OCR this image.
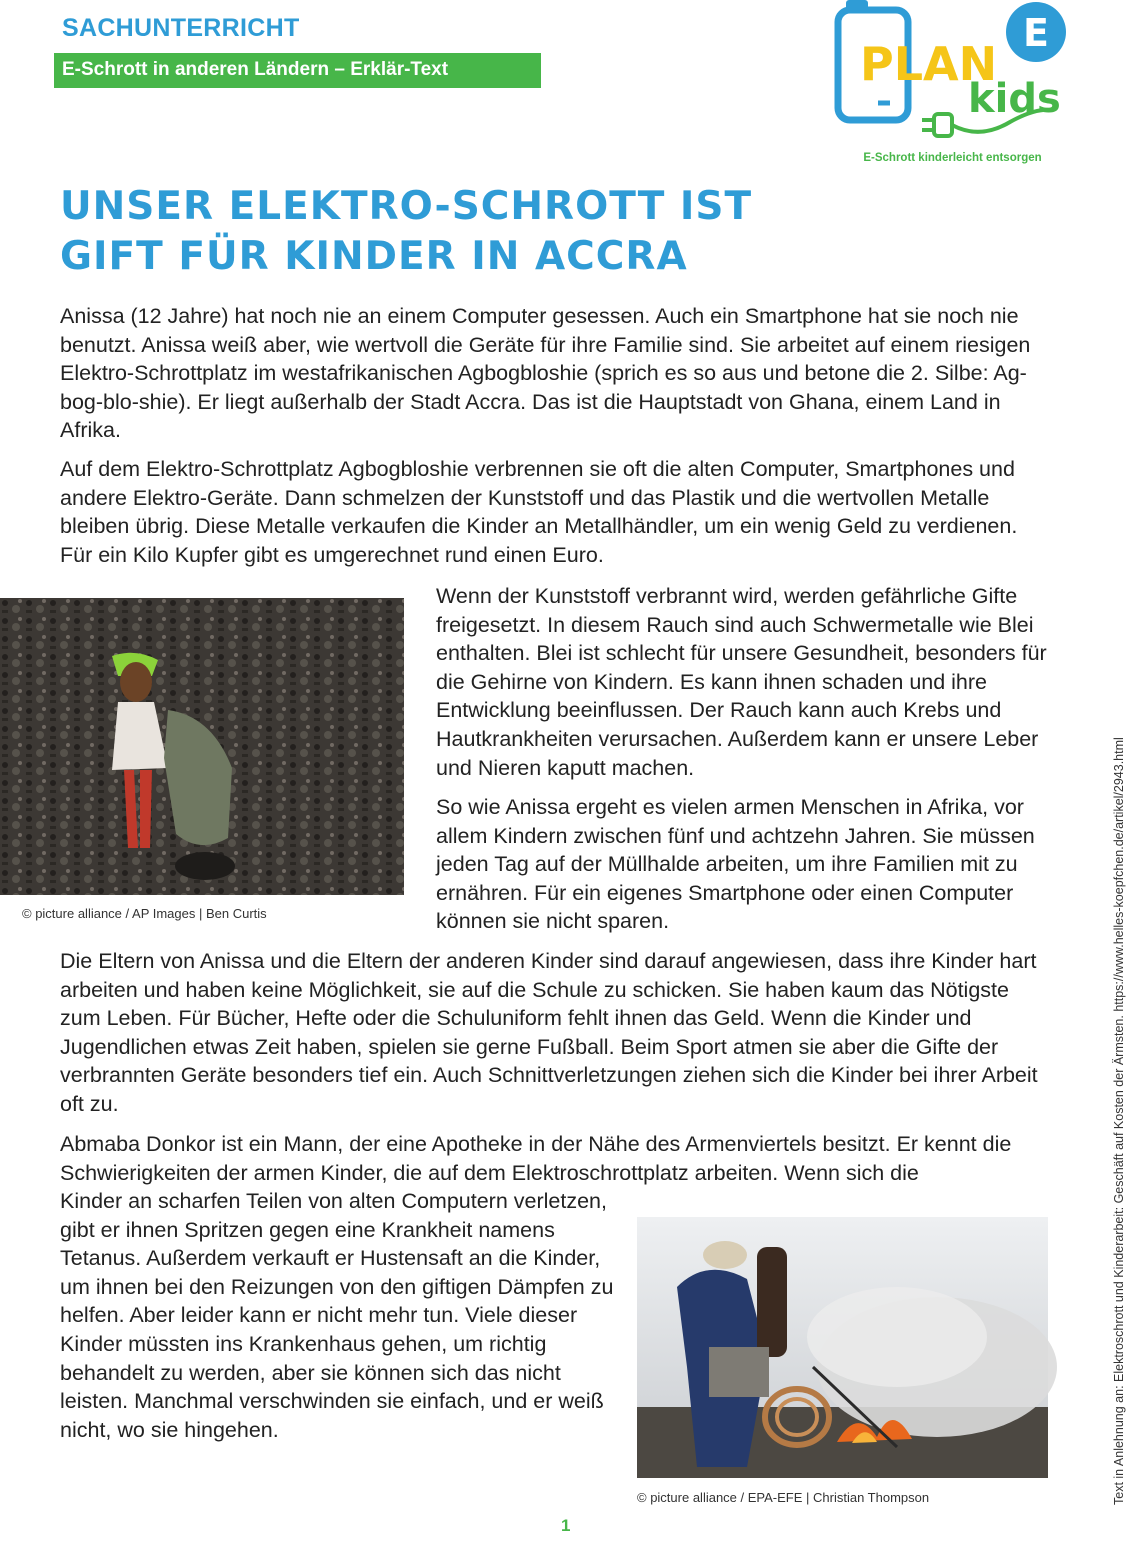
SACHUNTERRICHT
E-Schrott in anderen Ländern – Erklär-Text	PLAN
E
kids
E-Schrott kinderleicht entsorgen
UNSER ELEKTRO-SCHROTT IST
GIFT FÜR KINDER IN ACCRA

Anissa (12 Jahre) hat noch nie an einem Computer gesessen. Auch ein Smartphone hat sie noch nie benutzt. Anissa weiß aber, wie wertvoll die Geräte für ihre Familie sind. Sie arbeitet auf einem riesigen Elektro-Schrottplatz im westafrikanischen Agbogbloshie (sprich es so aus und betone die 2. Silbe: Ag-bog-blo-shie). Er liegt außerhalb der Stadt Accra. Das ist die Hauptstadt von Ghana, einem Land in Afrika.

Auf dem Elektro-Schrottplatz Agbogbloshie verbrennen sie oft die alten Computer, Smartphones und andere Elektro-Geräte. Dann schmelzen der Kunststoff und das Plastik und die wertvollen Metalle bleiben übrig. Diese Metalle verkaufen die Kinder an Metallhändler, um ein wenig Geld zu verdienen. Für ein Kilo Kupfer gibt es umgerechnet rund einen Euro.

© picture alliance / AP Images | Ben Curtis

Wenn der Kunststoff verbrannt wird, werden gefährliche Gifte freigesetzt. In diesem Rauch sind auch Schwermetalle wie Blei enthalten. Blei ist schlecht für unsere Gesundheit, besonders für die Gehirne von Kindern. Es kann ihnen schaden und ihre Entwicklung beeinflussen. Der Rauch kann auch Krebs und Hautkrankheiten verursachen. Außerdem kann er unsere Leber und Nieren kaputt machen.

So wie Anissa ergeht es vielen armen Menschen in Afrika, vor allem Kindern zwischen fünf und achtzehn Jahren. Sie müssen jeden Tag auf der Müllhalde arbeiten, um ihre Familien mit zu ernähren. Für ein eigenes Smartphone oder einen Computer können sie nicht sparen.

Die Eltern von Anissa und die Eltern der anderen Kinder sind darauf angewiesen, dass ihre Kinder hart arbeiten und haben keine Möglichkeit, sie auf die Schule zu schicken. Sie haben kaum das Nötigste zum Leben. Für Bücher, Hefte oder die Schuluniform fehlt ihnen das Geld. Wenn die Kinder und Jugendlichen etwas Zeit haben, spielen sie gerne Fußball. Beim Sport atmen sie aber die Gifte der verbrannten Geräte besonders tief ein. Auch Schnittverletzungen ziehen sich die Kinder bei ihrer Arbeit oft zu.

Abmaba Donkor ist ein Mann, der eine Apotheke in der Nähe des Armenviertels besitzt. Er kennt die Schwierigkeiten der armen Kinder, die auf dem Elektroschrottplatz arbeiten. Wenn sich die

Kinder an scharfen Teilen von alten Computern verletzen, gibt er ihnen Spritzen gegen eine Krankheit namens Tetanus. Außerdem verkauft er Hustensaft an die Kinder, um ihnen bei den Reizungen von den giftigen Dämpfen zu helfen. Aber leider kann er nicht mehr tun. Viele dieser Kinder müssten ins Krankenhaus gehen, um richtig behandelt zu werden, aber sie können sich das nicht leisten. Manchmal verschwinden sie einfach, und er weiß nicht, wo sie hingehen.

© picture alliance / EPA-EFE | Christian Thompson	Text in Anlehnung an: Elektroschrott und Kinderarbeit: Geschäft auf Kosten der Ärmsten. https://www.helles-koepfchen.de/artikel/2943.html
1
